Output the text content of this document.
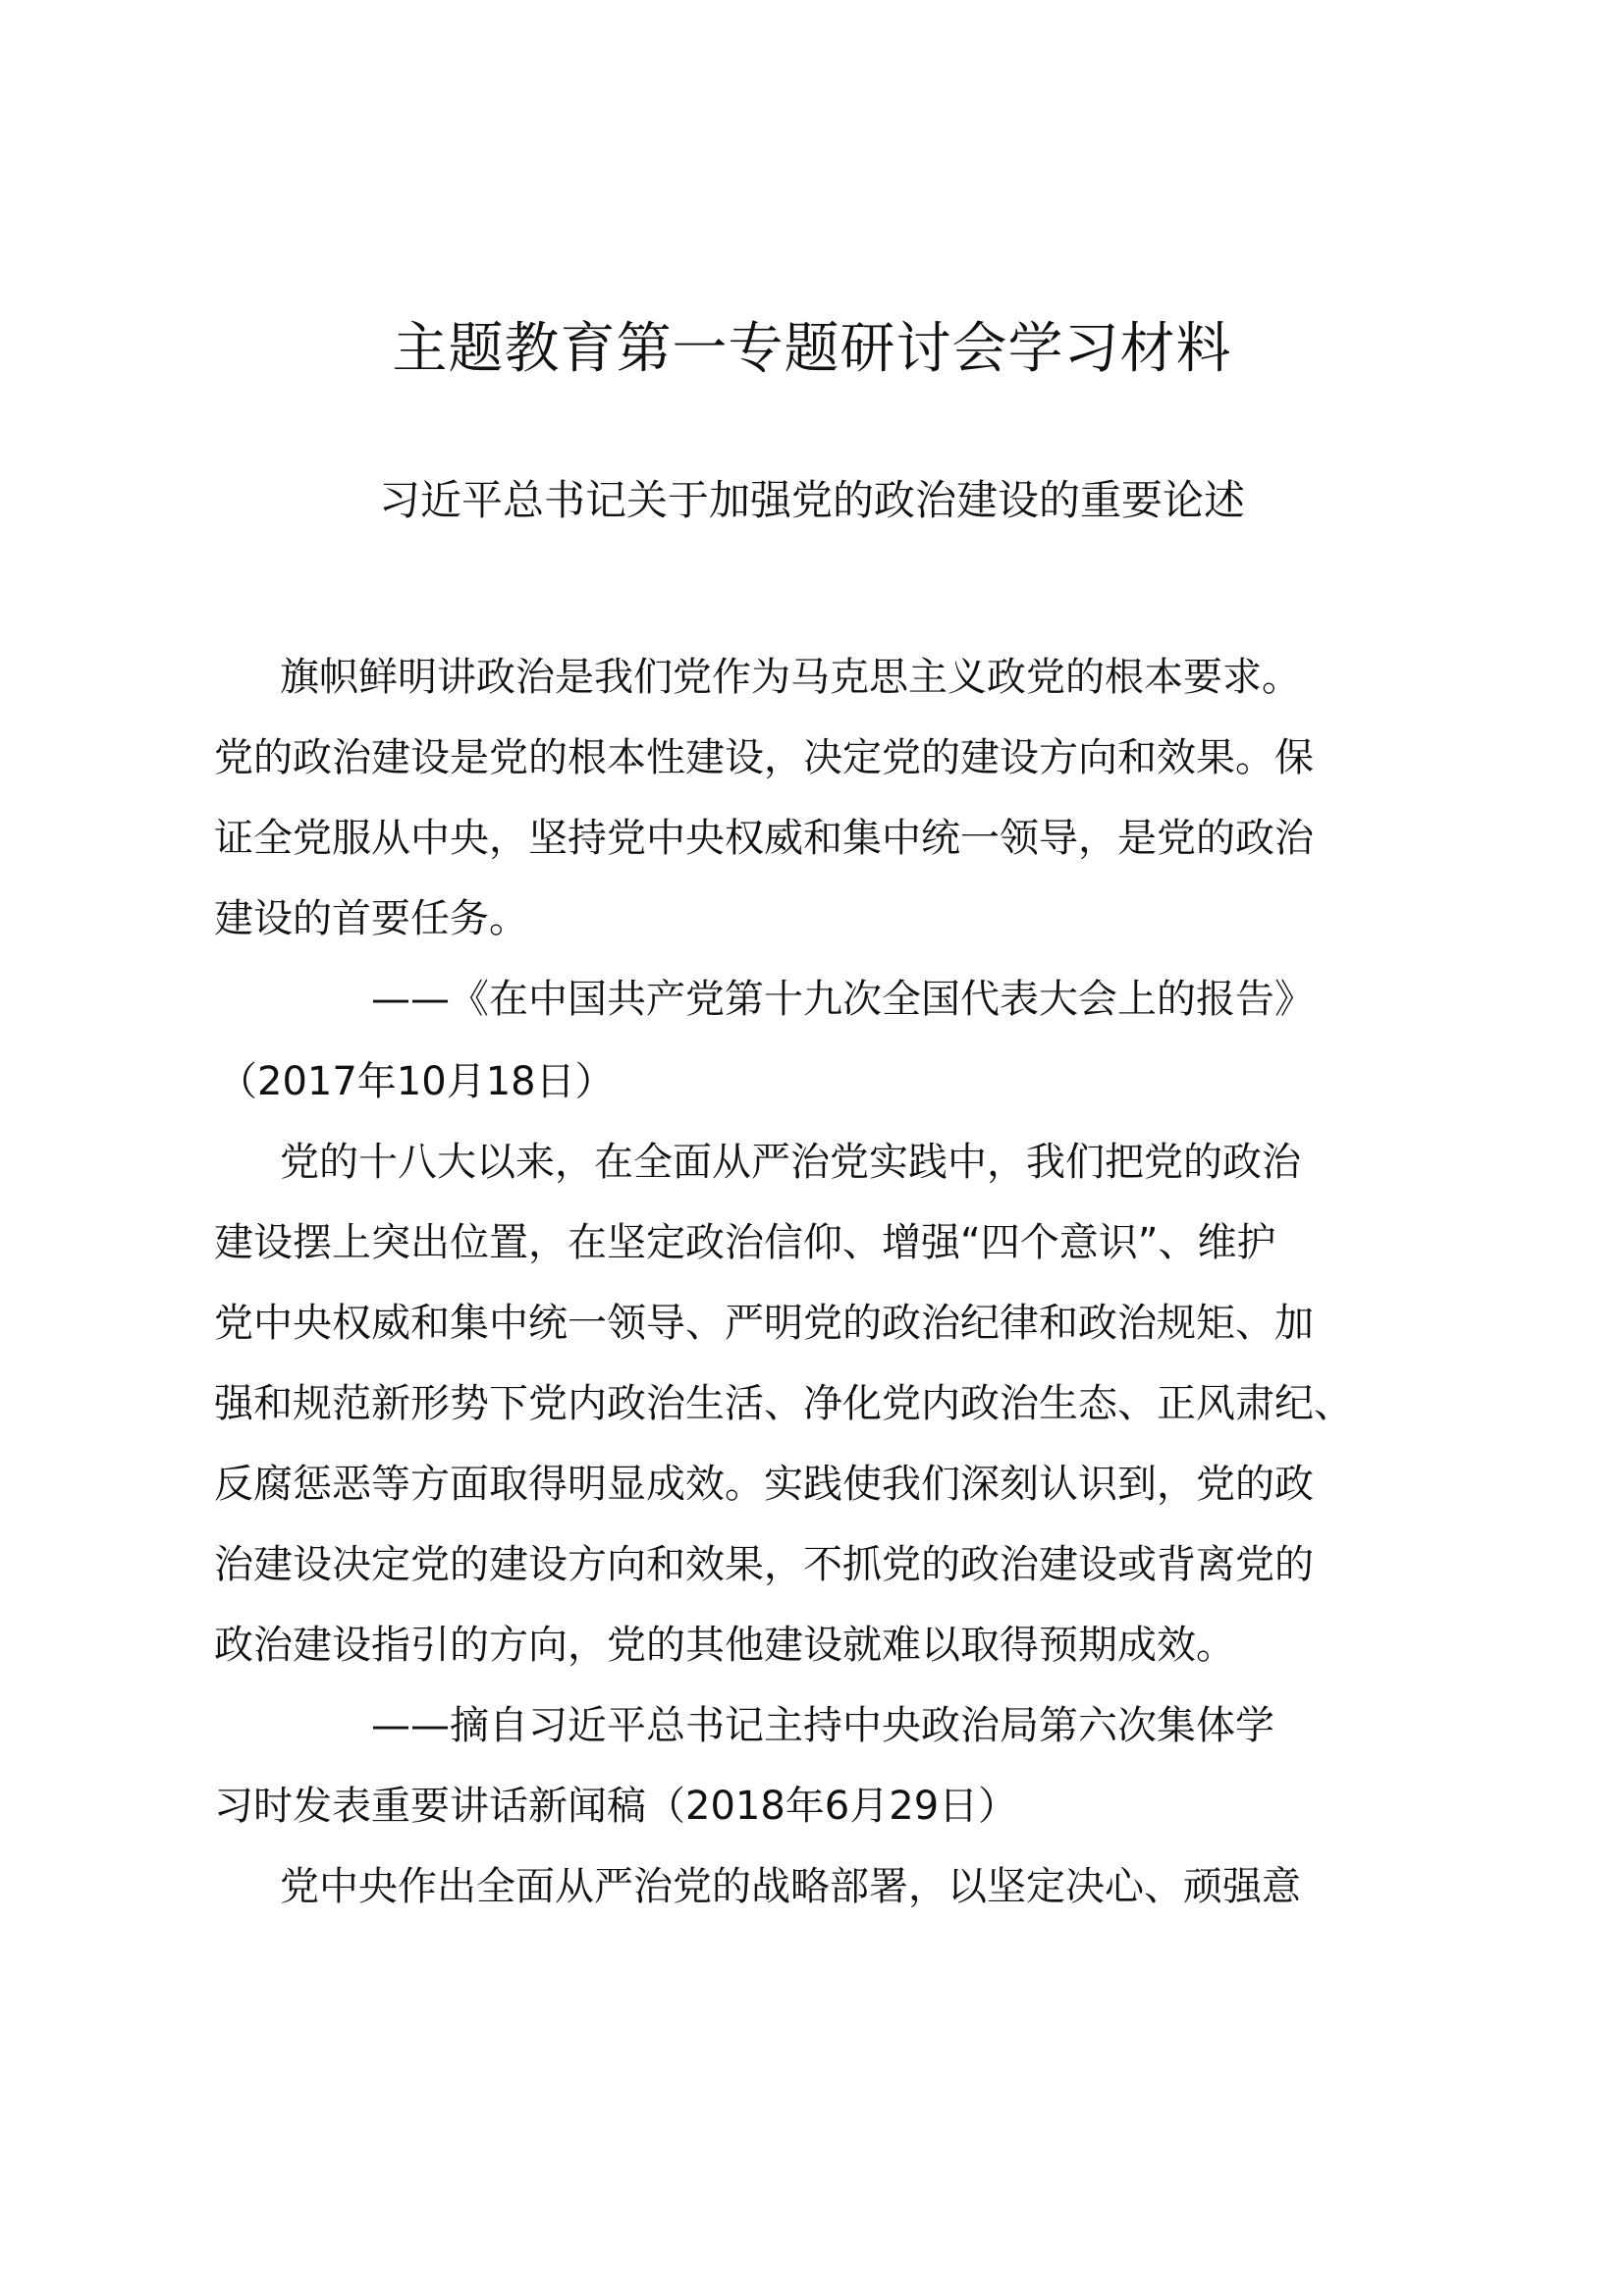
主题教育第一专题研讨会学习材料
习近平总书记关于加强党的政治建设的重要论述
旗帜鲜明讲政治是我们党作为马克思主义政党的根本要求。
党的政治建设是党的根本性建设，决定党的建设方向和效果。保
证全党服从中央，坚持党中央权威和集中统一领导，是党的政治
建设的首要任务。
——《在中国共产党第十九次全国代表大会上的报告》
（2017年10月18日）
党的十八大以来，在全面从严治党实践中，我们把党的政治
建设摆上突出位置，在坚定政治信仰、增强“四个意识”、维护
党中央权威和集中统一领导、严明党的政治纪律和政治规矩、加
强和规范新形势下党内政治生活、净化党内政治生态、正风肃纪、
反腐惩恶等方面取得明显成效。实践使我们深刻认识到，党的政
治建设决定党的建设方向和效果，不抓党的政治建设或背离党的
政治建设指引的方向，党的其他建设就难以取得预期成效。
——摘自习近平总书记主持中央政治局第六次集体学
习时发表重要讲话新闻稿（2018年6月29日）
党中央作出全面从严治党的战略部署，以坚定决心、顽强意
